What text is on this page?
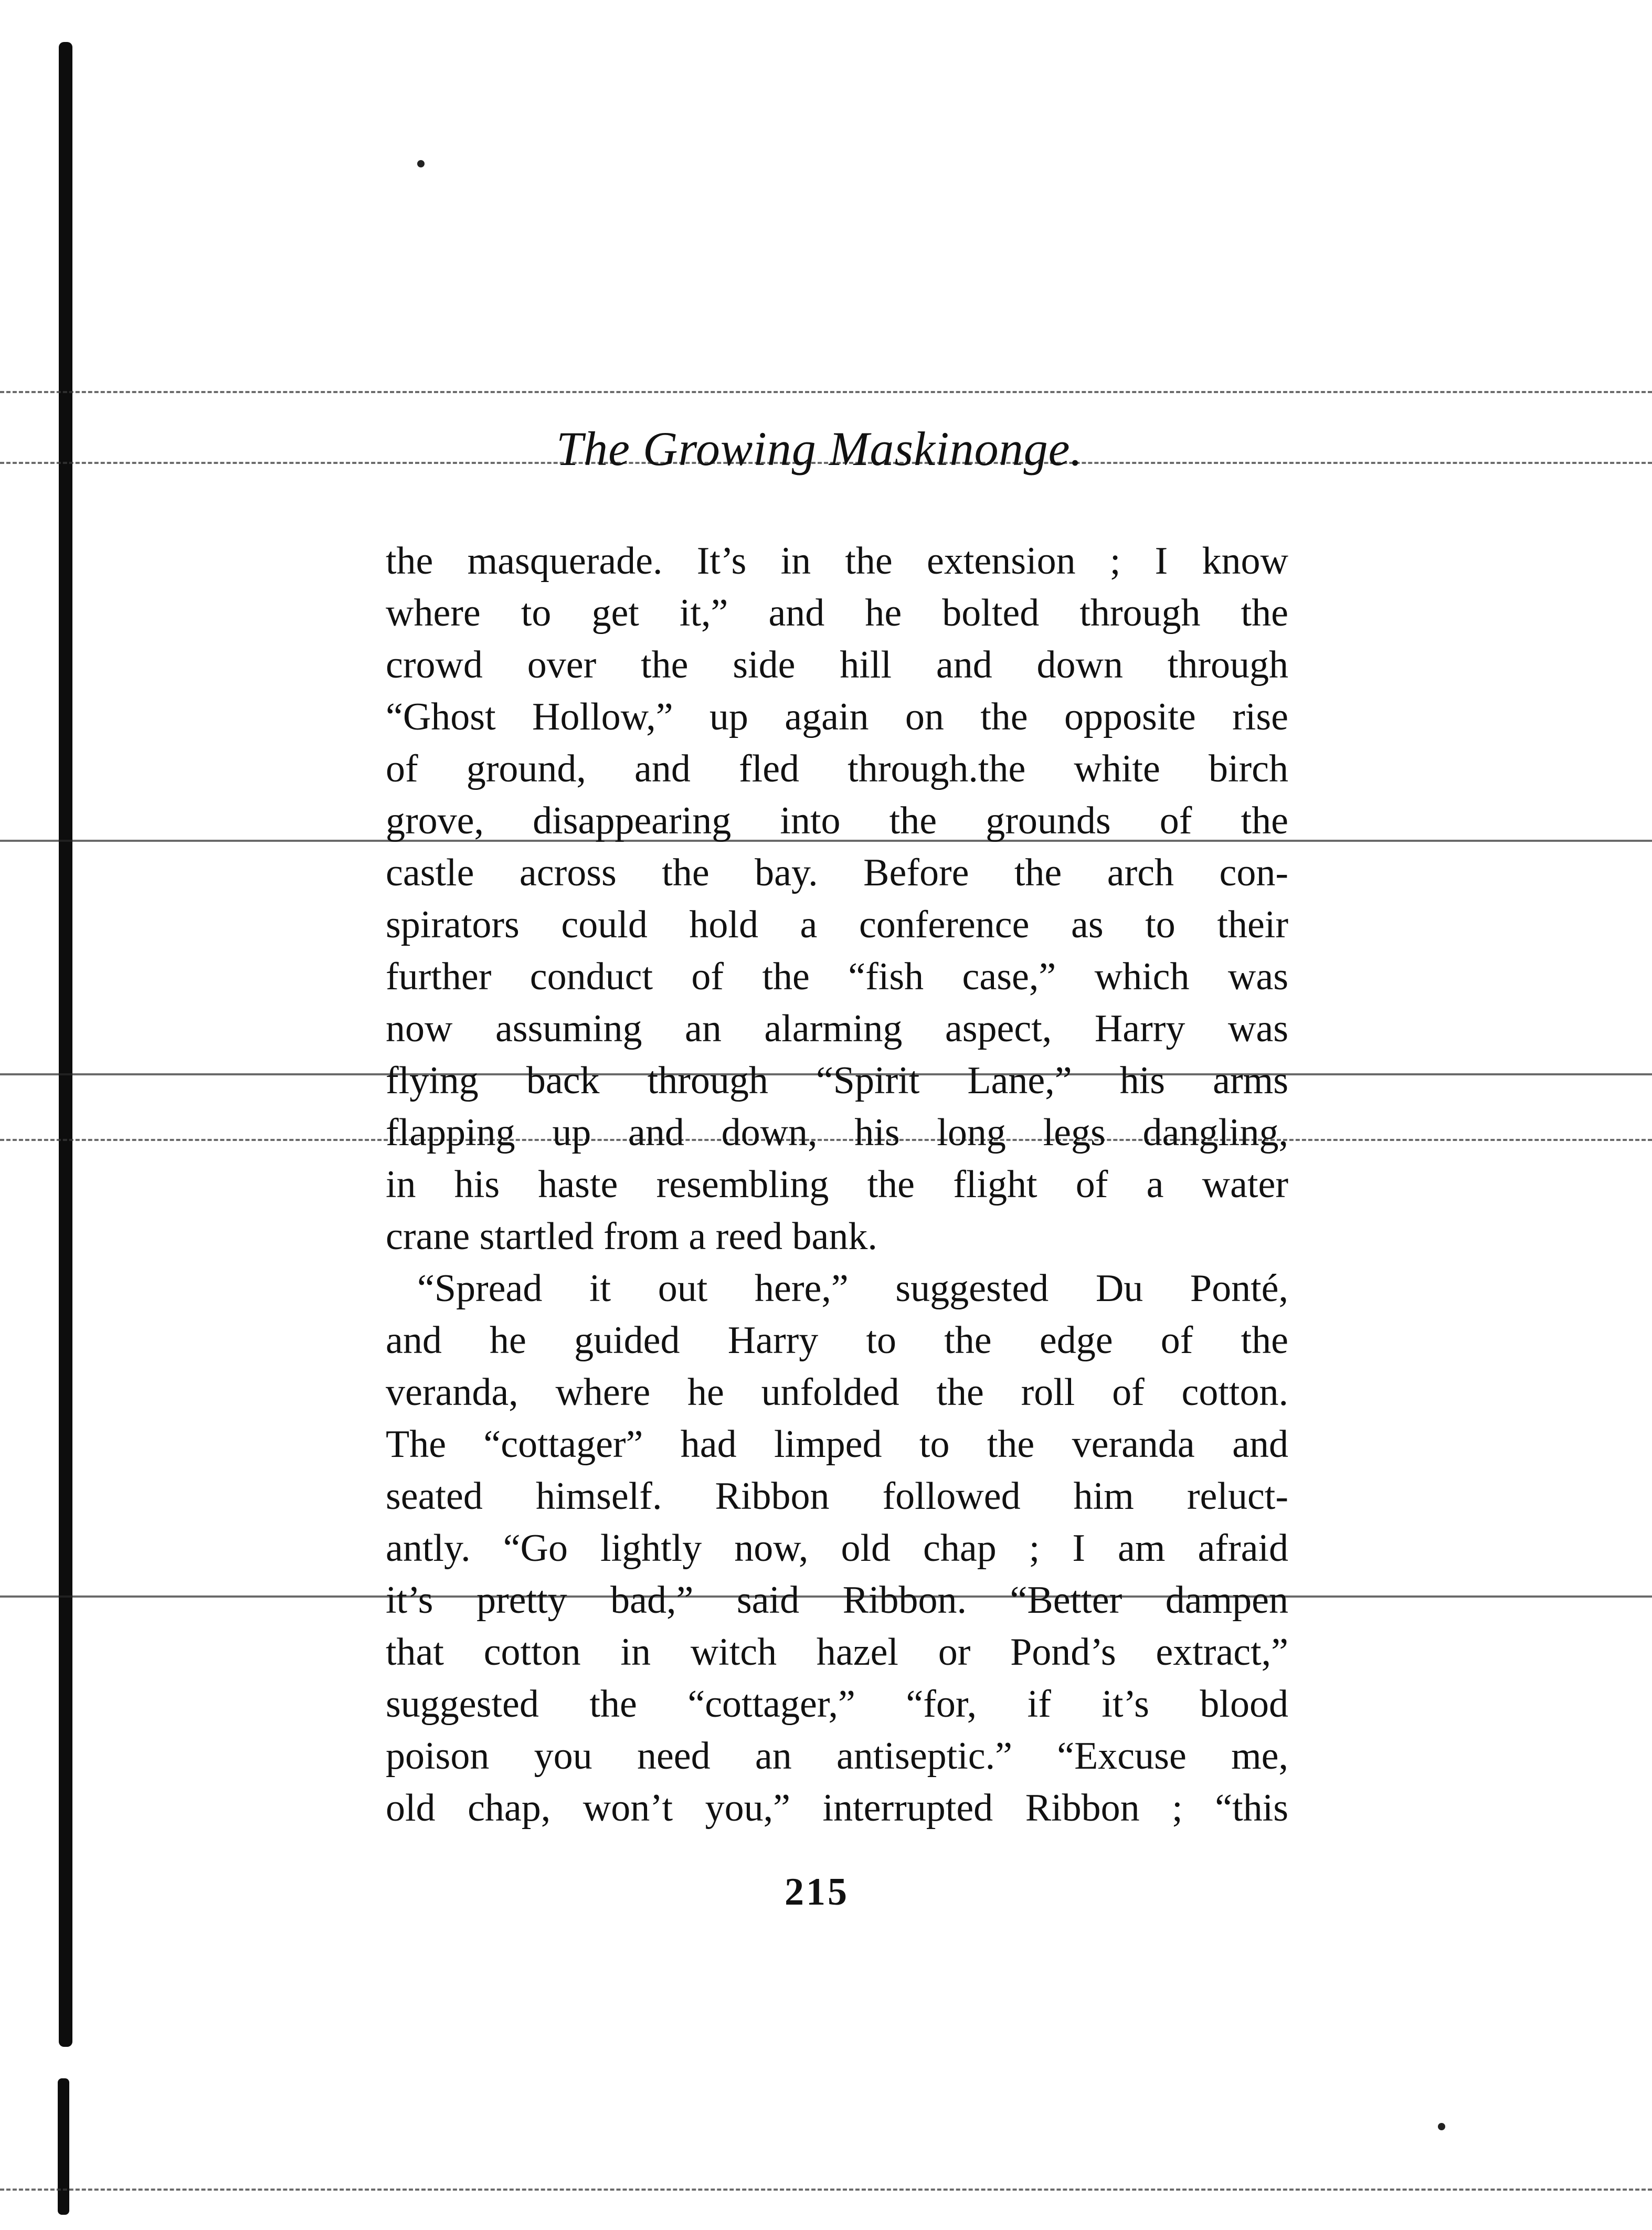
The Growing Maskinonge.
the masquerade. It’s in the extension ; I know
where to get it,” and he bolted through the
crowd over the side hill and down through
“Ghost Hollow,” up again on the opposite rise
of ground, and fled through.the white birch
grove, disappearing into the grounds of the
castle across the bay. Before the arch con-
spirators could hold a conference as to their
further conduct of the “fish case,” which was
now assuming an alarming aspect, Harry was
flying back through “Spirit Lane,” his arms
flapping up and down, his long legs dangling,
in his haste resembling the flight of a water
crane startled from a reed bank.
“Spread it out here,” suggested Du Ponté,
and he guided Harry to the edge of the
veranda, where he unfolded the roll of cotton.
The “cottager” had limped to the veranda and
seated himself. Ribbon followed him reluct-
antly. “Go lightly now, old chap ; I am afraid
it’s pretty bad,” said Ribbon. “Better dampen
that cotton in witch hazel or Pond’s extract,”
suggested the “cottager,” “for, if it’s blood
poison you need an antiseptic.” “Excuse me,
old chap, won’t you,” interrupted Ribbon ; “this
215
